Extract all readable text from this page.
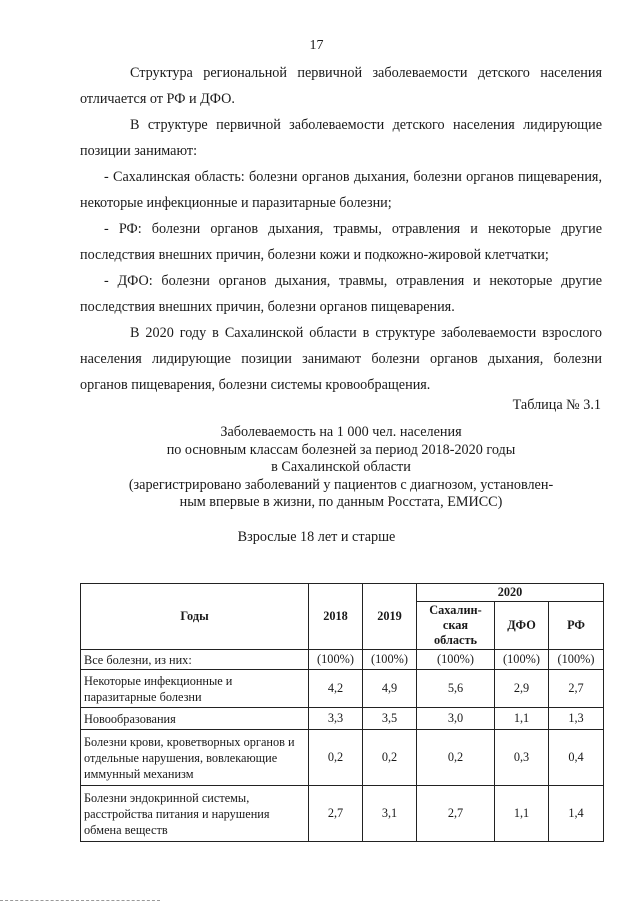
17

Структура региональной первичной заболеваемости детского населения отличается от РФ и ДФО.

В структуре первичной заболеваемости детского населения лидирующие позиции занимают:

- Сахалинская область: болезни органов дыхания, болезни органов пищеварения, некоторые инфекционные и паразитарные болезни;

- РФ: болезни органов дыхания, травмы, отравления и некоторые другие последствия внешних причин, болезни кожи и подкожно-жировой клетчатки;

- ДФО: болезни органов дыхания, травмы, отравления и некоторые другие последствия внешних причин, болезни органов пищеварения.

В 2020 году в Сахалинской области в структуре заболеваемости взрослого населения лидирующие позиции занимают болезни органов дыхания, болезни органов пищеварения, болезни системы кровообращения.

Таблица № 3.1
Заболеваемость на 1 000 чел. населения
по основным классам болезней за период 2018-2020 годы
в Сахалинской области
(зарегистрировано заболеваний у пациентов с диагнозом, установлен-
ным впервые в жизни, по данным Росстата, ЕМИСС)
Взрослые 18 лет и старше
Годы	2018	2019	2020		
			Сахалин-ская область	ДФО	РФ
Все болезни, из них:	(100%)	(100%)	(100%)	(100%)	(100%)
Некоторые инфекционные и паразитарные болезни	4,2	4,9	5,6	2,9	2,7
Новообразования	3,3	3,5	3,0	1,1	1,3
Болезни крови, кроветворных органов и отдельные нарушения, вовлекающие иммунный механизм	0,2	0,2	0,2	0,3	0,4
Болезни эндокринной системы, расстройства питания и нарушения обмена веществ	2,7	3,1	2,7	1,1	1,4
